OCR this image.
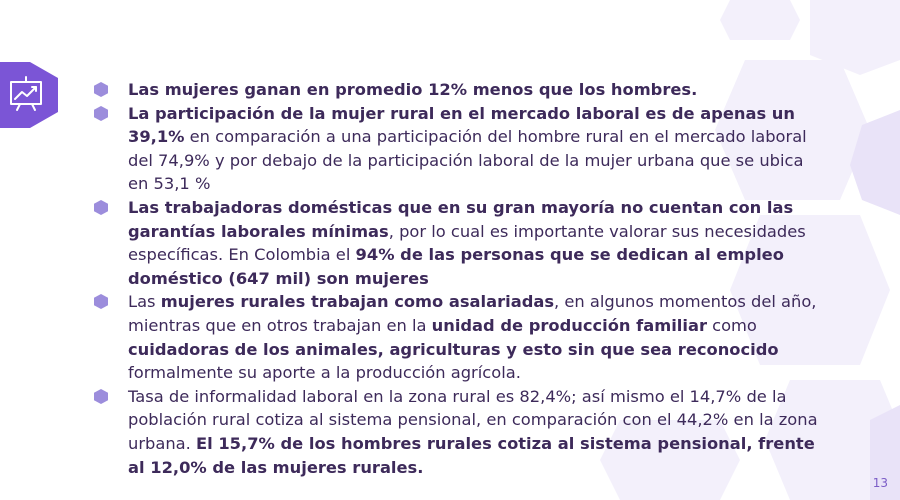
Las mujeres ganan en promedio 12% menos que los hombres.

La participación de la mujer rural en el mercado laboral es de apenas un 39,1% en comparación a una participación del hombre rural en el mercado laboral del 74,9% y por debajo de la participación laboral de la mujer urbana que se ubica en 53,1 %

Las trabajadoras domésticas que en su gran mayoría no cuentan con las garantías laborales mínimas, por lo cual es importante valorar sus necesidades específicas. En Colombia el 94% de las personas que se dedican al empleo doméstico (647 mil) son mujeres

Las mujeres rurales trabajan como asalariadas, en algunos momentos del año, mientras que en otros trabajan en la unidad de producción familiar como cuidadoras de los animales, agriculturas y esto sin que sea reconocido formalmente su aporte a la producción agrícola.

Tasa de informalidad laboral en la zona rural es 82,4%; así mismo el 14,7% de la población rural cotiza al sistema pensional, en comparación con el 44,2% en la zona urbana. El 15,7% de los hombres rurales cotiza al sistema pensional, frente al 12,0% de las mujeres rurales.

13
